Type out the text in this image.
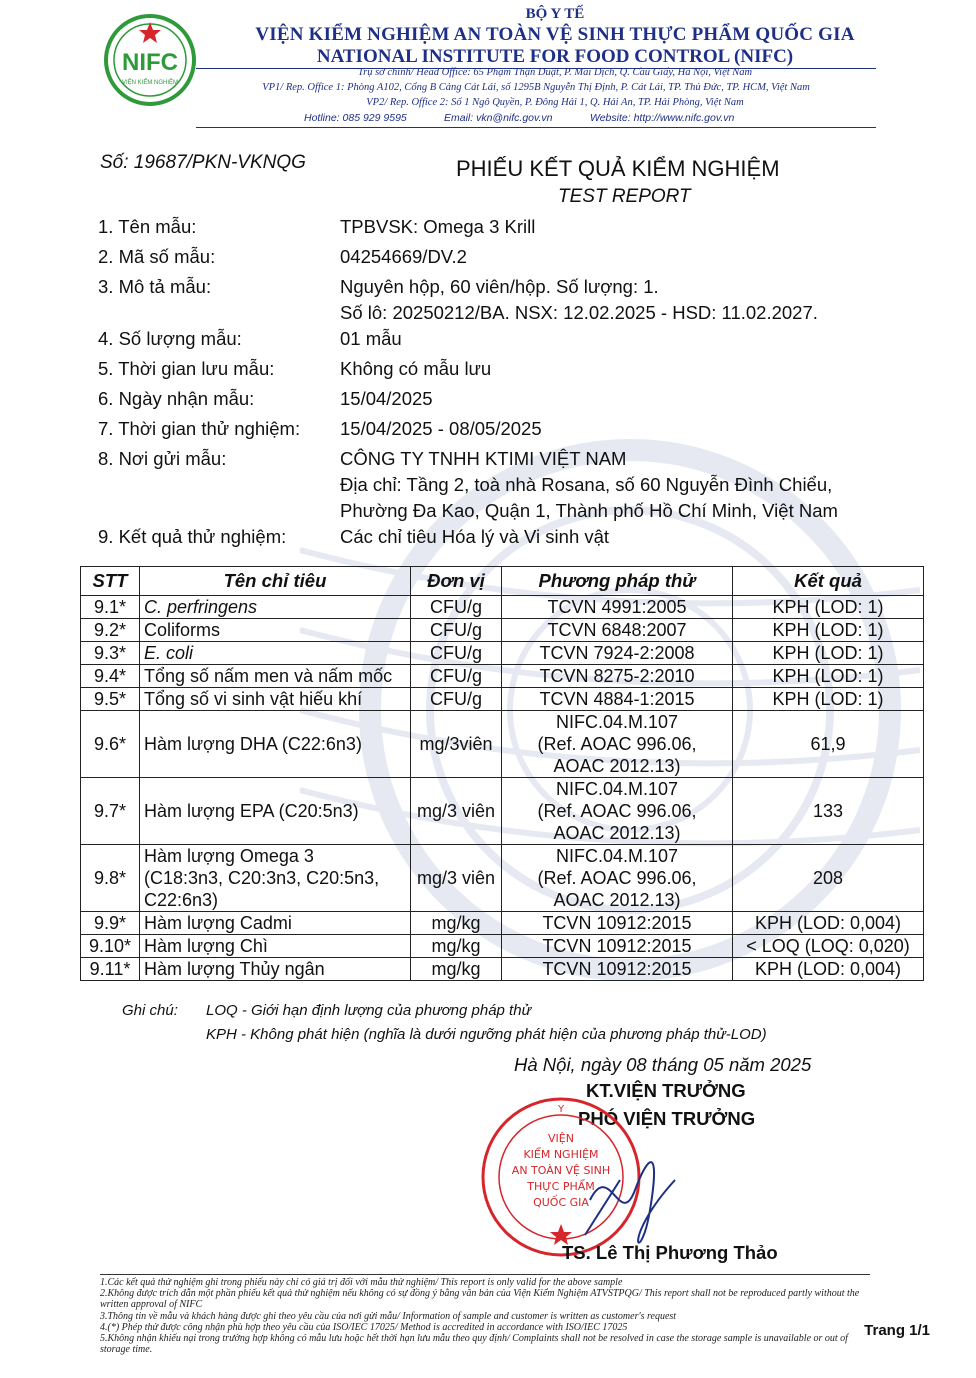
NIFC
VIỆN KIỂM NGHIỆM
BỘ Y TẾ
VIỆN KIỂM NGHIỆM AN TOÀN VỆ SINH THỰC PHẨM QUỐC GIA
NATIONAL INSTITUTE FOR FOOD CONTROL (NIFC)
Trụ sở chính/ Head Office: 65 Phạm Thận Duật, P. Mai Dịch, Q. Cầu Giấy, Hà Nội, Việt Nam
VP1/ Rep. Office 1: Phòng A102, Cổng B Cảng Cát Lái, số 1295B Nguyễn Thị Định, P. Cát Lái, TP. Thủ Đức, TP. HCM, Việt Nam
VP2/ Rep. Office 2: Số 1 Ngô Quyền, P. Đông Hải 1, Q. Hải An, TP. Hải Phòng, Việt Nam
Hotline: 085 929 9595	Email: vkn@nifc.gov.vn	Website: http://www.nifc.gov.vn
Số: 19687/PKN-VKNQG	PHIẾU KẾT QUẢ KIỂM NGHIỆM
TEST REPORT
1. Tên mẫu:	TPBVSK: Omega 3 Krill
2. Mã số mẫu:	04254669/DV.2
3. Mô tả mẫu:	Nguyên hộp, 60 viên/hộp. Số lượng: 1.
Số lô: 20250212/BA. NSX: 12.02.2025 - HSD: 11.02.2027.
4. Số lượng mẫu:	01 mẫu
5. Thời gian lưu mẫu:	Không có mẫu lưu
6. Ngày nhận mẫu:	15/04/2025
7. Thời gian thử nghiệm: 15/04/2025 - 08/05/2025
8. Nơi gửi mẫu:	CÔNG TY TNHH KTIMI VIỆT NAM
Địa chỉ: Tầng 2, toà nhà Rosana, số 60 Nguyễn Đình Chiểu,
Phường Đa Kao, Quận 1, Thành phố Hồ Chí Minh, Việt Nam
9. Kết quả thử nghiệm:	Các chỉ tiêu Hóa lý và Vi sinh vật
STT	Tên chỉ tiêu	Đơn vị	Phương pháp thử	Kết quả
9.1*	C. perfringens	CFU/g	TCVN 4991:2005	KPH (LOD: 1)
9.2*	Coliforms	CFU/g	TCVN 6848:2007	KPH (LOD: 1)
9.3*	E. coli	CFU/g	TCVN 7924-2:2008	KPH (LOD: 1)
9.4*	Tổng số nấm men và nấm mốc	CFU/g	TCVN 8275-2:2010	KPH (LOD: 1)
9.5*	Tổng số vi sinh vật hiếu khí	CFU/g	TCVN 4884-1:2015	KPH (LOD: 1)
9.6*	Hàm lượng DHA (C22:6n3)	mg/3viên	NIFC.04.M.107
(Ref. AOAC 996.06,
AOAC 2012.13)	61,9
9.7*	Hàm lượng EPA (C20:5n3)	mg/3 viên	NIFC.04.M.107
(Ref. AOAC 996.06,
AOAC 2012.13)	133
9.8*	Hàm lượng Omega 3
(C18:3n3, C20:3n3, C20:5n3,
C22:6n3)	mg/3 viên	NIFC.04.M.107
(Ref. AOAC 996.06,
AOAC 2012.13)	208
9.9*	Hàm lượng Cadmi	mg/kg	TCVN 10912:2015	KPH (LOD: 0,004)
9.10*	Hàm lượng Chì	mg/kg	TCVN 10912:2015	< LOQ (LOQ: 0,020)
9.11*	Hàm lượng Thủy ngân	mg/kg	TCVN 10912:2015	KPH (LOD: 0,004)
Ghi chú: LOQ - Giới hạn định lượng của phương pháp thử
KPH - Không phát hiện (nghĩa là dưới ngưỡng phát hiện của phương pháp thử-LOD)
Hà Nội, ngày 08 tháng 05 năm 2025
KT.VIỆN TRƯỞNG
PHÓ VIỆN TRƯỞNG
Y
VIỆN
KIỂM NGHIỆM
AN TOÀN VỆ SINH
THỰC PHẨM
QUỐC GIA
TS. Lê Thị Phương Thảo
1.Các kết quả thử nghiệm ghi trong phiếu này chỉ có giá trị đối với mẫu thử nghiệm/ This report is only valid for the above sample
2.Không được trích dẫn một phần phiếu kết quả thử nghiệm nếu không có sự đồng ý bằng văn bản của Viện Kiểm Nghiệm ATVSTPQG/ This report shall not be reproduced partly without the written approval of NIFC
3.Thông tin về mẫu và khách hàng được ghi theo yêu cầu của nơi gửi mẫu/ Information of sample and customer is written as customer's request
4.(*) Phép thử được công nhận phù hợp theo yêu cầu của ISO/IEC 17025/ Method is accredited in accordance with ISO/IEC 17025
5.Không nhận khiếu nại trong trường hợp không có mẫu lưu hoặc hết thời hạn lưu mẫu theo quy định/ Complaints shall not be resolved in case the storage sample is unavailable or out of storage time.
Trang 1/1
